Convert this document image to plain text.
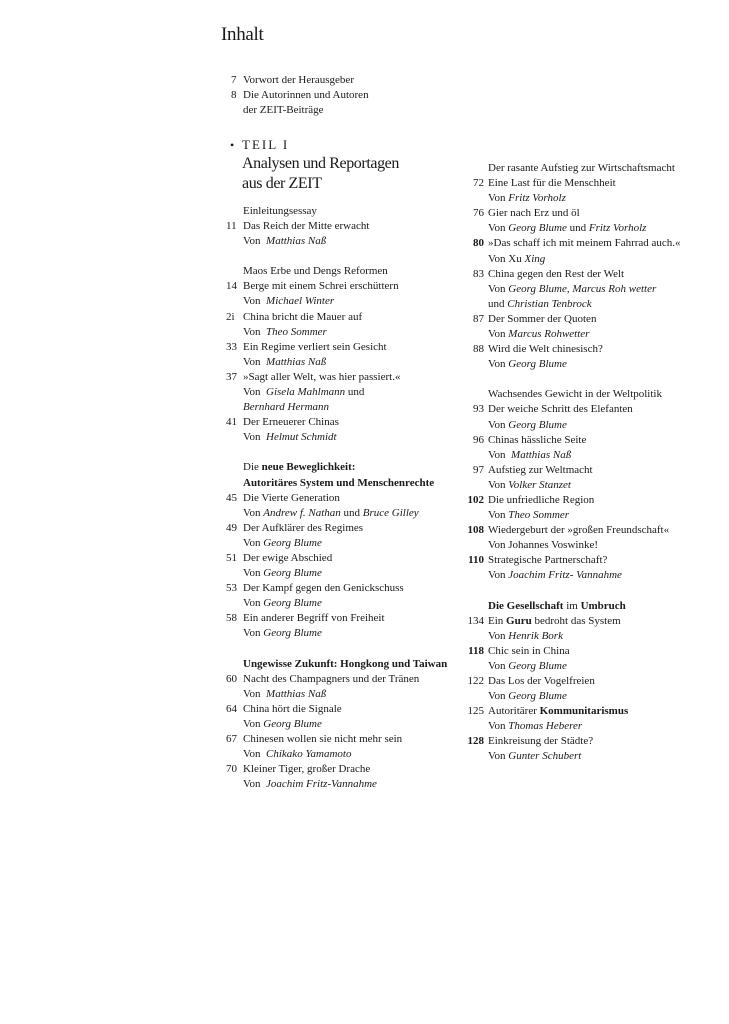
Inhalt
7 Vorwort der Herausgeber
8 Die Autorinnen und Autoren
der ZEIT-Beiträge
• TEIL I
Analysen und Reportagen
aus der ZEIT
Einleitungsessay
11 Das Reich der Mitte erwacht
Von Matthias Naß
Maos Erbe und Dengs Reformen
14 Berge mit einem Schrei erschüttern
Von Michael Winter
2i China bricht die Mauer auf
Von Theo Sommer
33 Ein Regime verliert sein Gesicht
Von Matthias Naß
37 »Sagt aller Welt, was hier passiert.«
Von Gisela Mahlmann und
Bernhard Hermann
41 Der Erneuerer Chinas
Von Helmut Schmidt
Die neue Beweglichkeit:
Autoritäres System und Menschenrechte
45 Die Vierte Generation
Von Andrew f. Nathan und Bruce Gilley
49 Der Aufklärer des Regimes
Von Georg Blume
51 Der ewige Abschied
Von Georg Blume
53 Der Kampf gegen den Genickschuss
Von Georg Blume
58 Ein anderer Begriff von Freiheit
Von Georg Blume
Ungewisse Zukunft: Hongkong und Taiwan
60 Nacht des Champagners und der Tränen
Von Matthias Naß
64 China hört die Signale
Von Georg Blume
67 Chinesen wollen sie nicht mehr sein
Von Chikako Yamamoto
70 Kleiner Tiger, großer Drache
Von Joachim Fritz-Vannahme
Der rasante Aufstieg zur Wirtschaftsmacht
72 Eine Last für die Menschheit
Von Fritz Vorholz
76 Gier nach Erz und öl
Von Georg Blume und Fritz Vorholz
80 »Das schaff ich mit meinem Fahrrad auch.«
Von Xu Xing
83 China gegen den Rest der Welt
Von Georg Blume, Marcus Roh wetter
und Christian Tenbrock
87 Der Sommer der Quoten
Von Marcus Rohwetter
88 Wird die Welt chinesisch?
Von Georg Blume
Wachsendes Gewicht in der Weltpolitik
93 Der weiche Schritt des Elefanten
Von Georg Blume
96 Chinas hässliche Seite
Von Matthias Naß
97 Aufstieg zur Weltmacht
Von Volker Stanzet
102 Die unfriedliche Region
Von Theo Sommer
108 Wiedergeburt der »großen Freundschaft«
Von Johannes Voswinke!
110 Strategische Partnerschaft?
Von Joachim Fritz- Vannahme
Die Gesellschaft im Umbruch
134 Ein Guru bedroht das System
Von Henrik Bork
118 Chic sein in China
Von Georg Blume
122 Das Los der Vogelfreien
Von Georg Blume
125 Autoritärer Kommunitarismus
Von Thomas Heberer
128 Einkreisung der Städte?
Von Gunter Schubert
